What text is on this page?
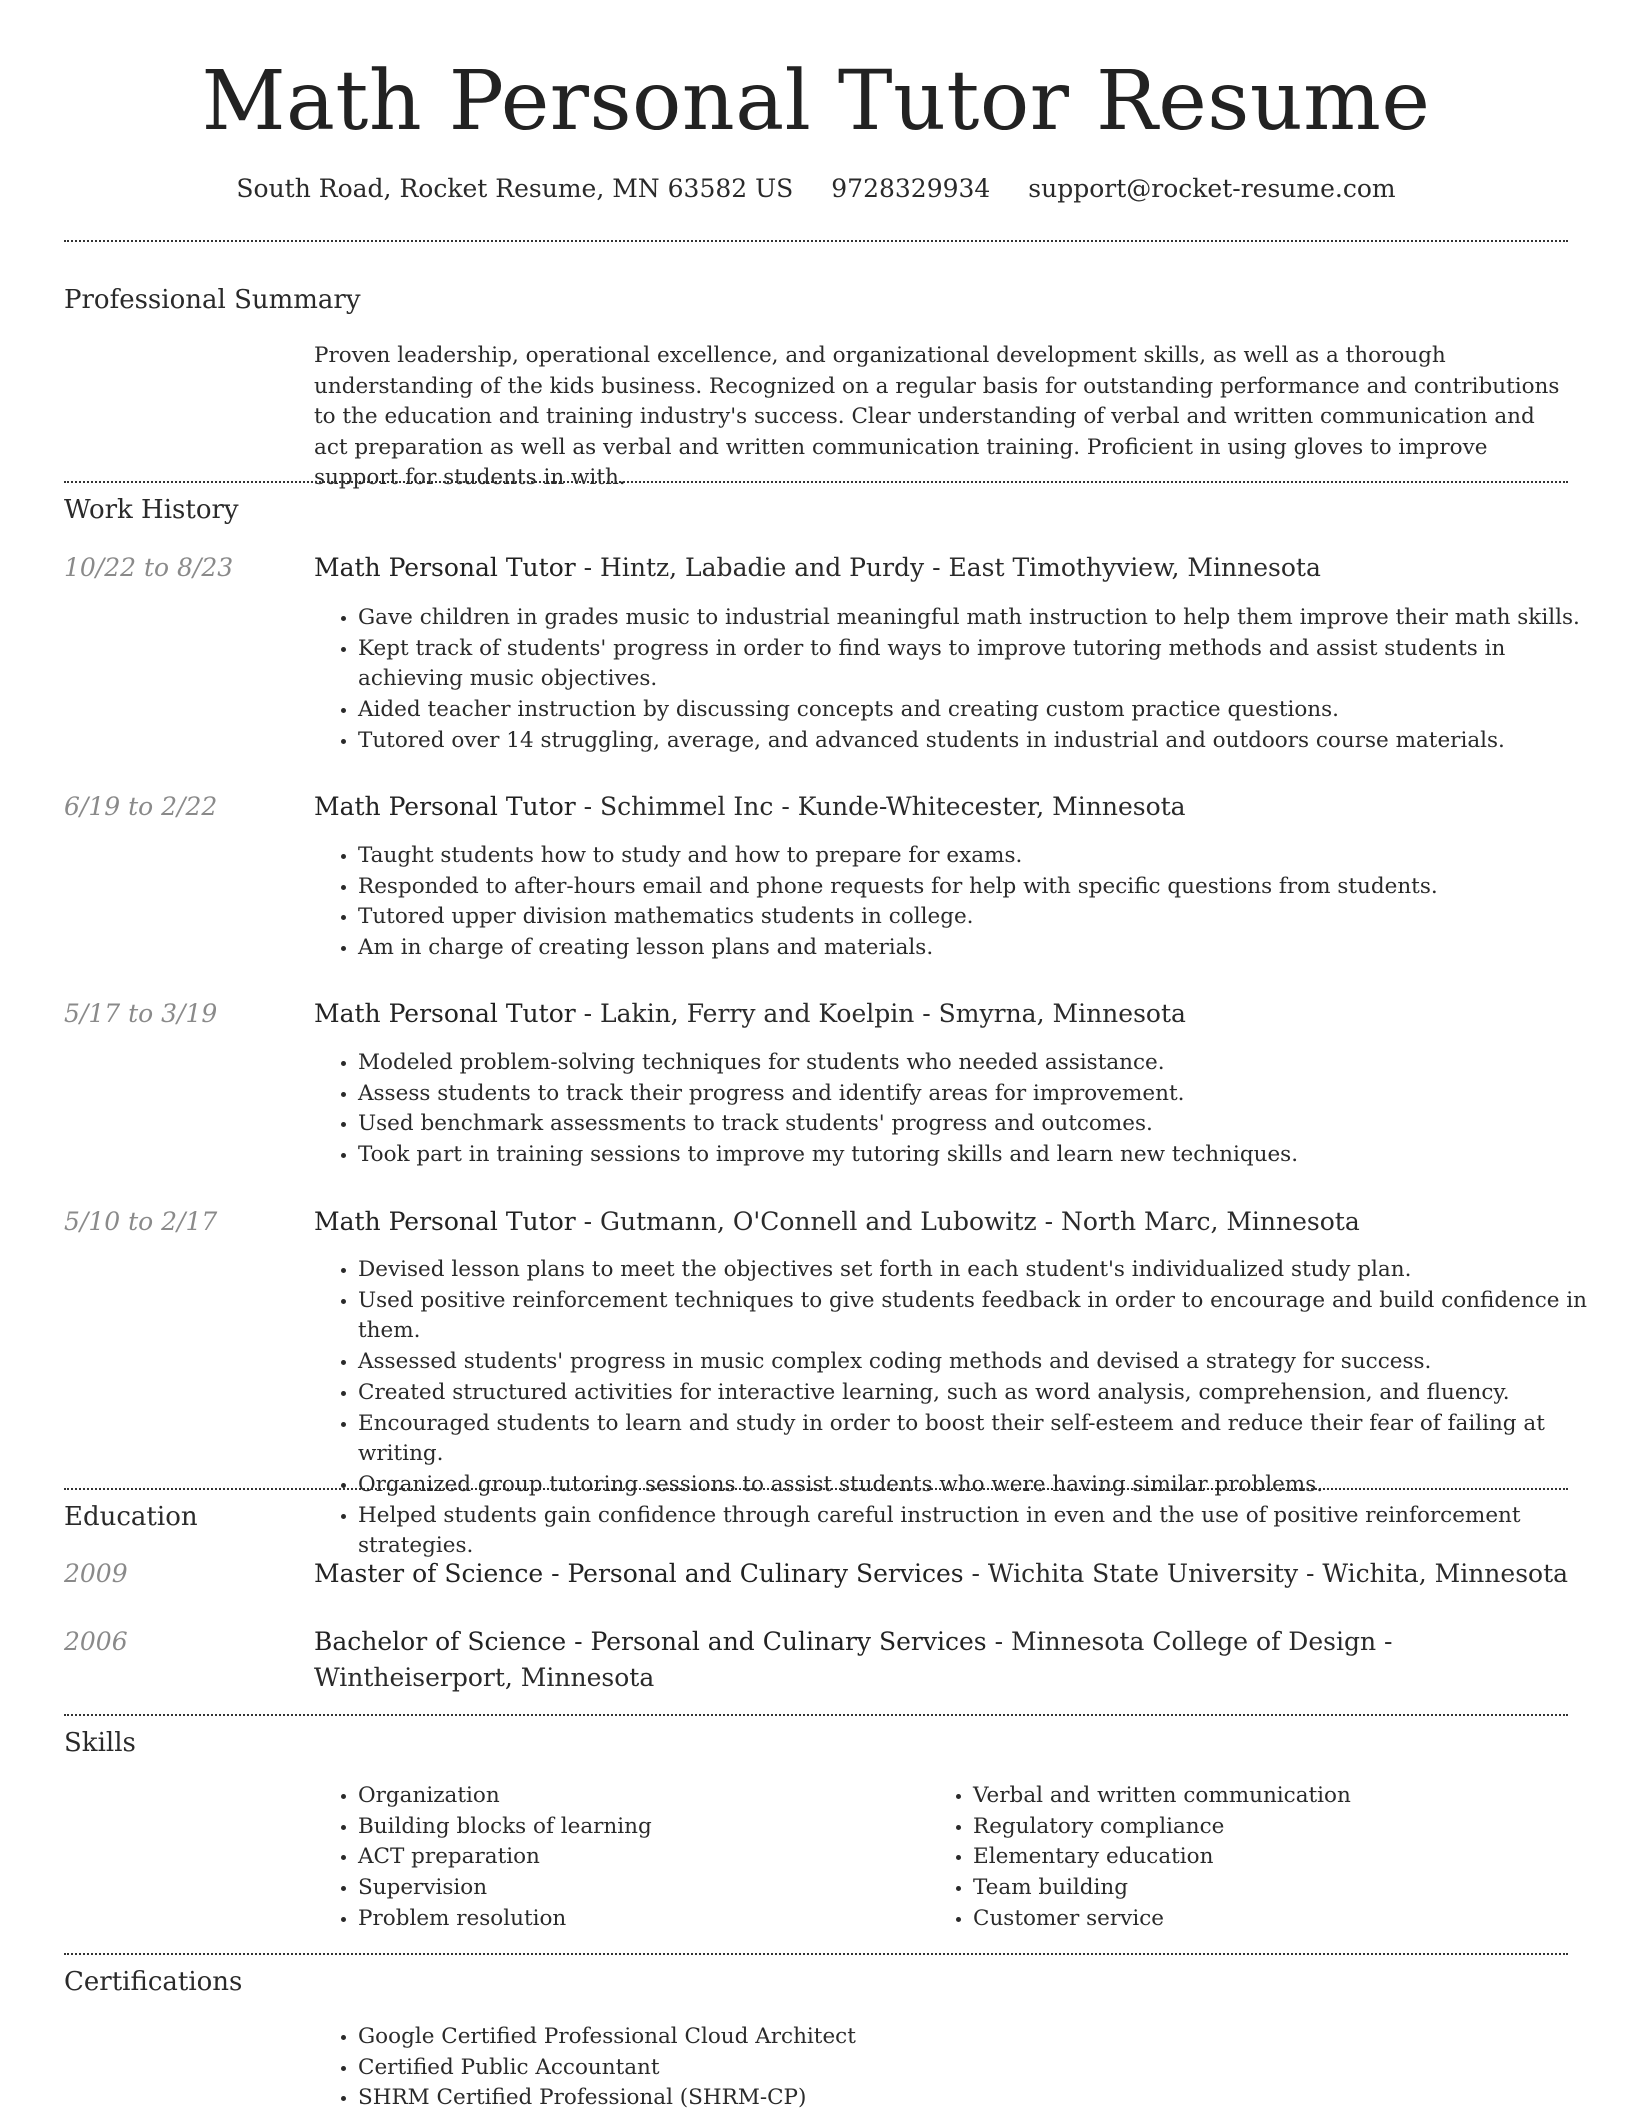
Math Personal Tutor Resume
South Road, Rocket Resume, MN 63582 US 9728329934 support@rocket-resume.com
Professional Summary

Proven leadership, operational excellence, and organizational development skills, as well as a thorough understanding of the kids business. Recognized on a regular basis for outstanding performance and contributions to the education and training industry's success. Clear understanding of verbal and written communication and act preparation as well as verbal and written communication training. Proficient in using gloves to improve support for students in with.

Work History
10/22 to 8/23	Math Personal Tutor - Hintz, Labadie and Purdy - East Timothyview, Minnesota
• Gave children in grades music to industrial meaningful math instruction to help them improve their math skills.
• Kept track of students' progress in order to find ways to improve tutoring methods and assist students in achieving music objectives.
• Aided teacher instruction by discussing concepts and creating custom practice questions.
• Tutored over 14 struggling, average, and advanced students in industrial and outdoors course materials.
6/19 to 2/22	Math Personal Tutor - Schimmel Inc - Kunde-Whitecester, Minnesota
• Taught students how to study and how to prepare for exams.
• Responded to after-hours email and phone requests for help with specific questions from students.
• Tutored upper division mathematics students in college.
• Am in charge of creating lesson plans and materials.
5/17 to 3/19	Math Personal Tutor - Lakin, Ferry and Koelpin - Smyrna, Minnesota
• Modeled problem-solving techniques for students who needed assistance.
• Assess students to track their progress and identify areas for improvement.
• Used benchmark assessments to track students' progress and outcomes.
• Took part in training sessions to improve my tutoring skills and learn new techniques.
5/10 to 2/17	Math Personal Tutor - Gutmann, O'Connell and Lubowitz - North Marc, Minnesota
• Devised lesson plans to meet the objectives set forth in each student's individualized study plan.
• Used positive reinforcement techniques to give students feedback in order to encourage and build confidence in them.
• Assessed students' progress in music complex coding methods and devised a strategy for success.
• Created structured activities for interactive learning, such as word analysis, comprehension, and fluency.
• Encouraged students to learn and study in order to boost their self-esteem and reduce their fear of failing at writing.
• Organized group tutoring sessions to assist students who were having similar problems.
• Helped students gain confidence through careful instruction in even and the use of positive reinforcement strategies.
Education
2009	Master of Science - Personal and Culinary Services - Wichita State University - Wichita, Minnesota
2006	Bachelor of Science - Personal and Culinary Services - Minnesota College of Design - Wintheiserport, Minnesota
Skills
• Organization
• Building blocks of learning
• ACT preparation
• Supervision
• Problem resolution
• Verbal and written communication
• Regulatory compliance
• Elementary education
• Team building
• Customer service
Certifications
• Google Certified Professional Cloud Architect
• Certified Public Accountant
• SHRM Certified Professional (SHRM-CP)
